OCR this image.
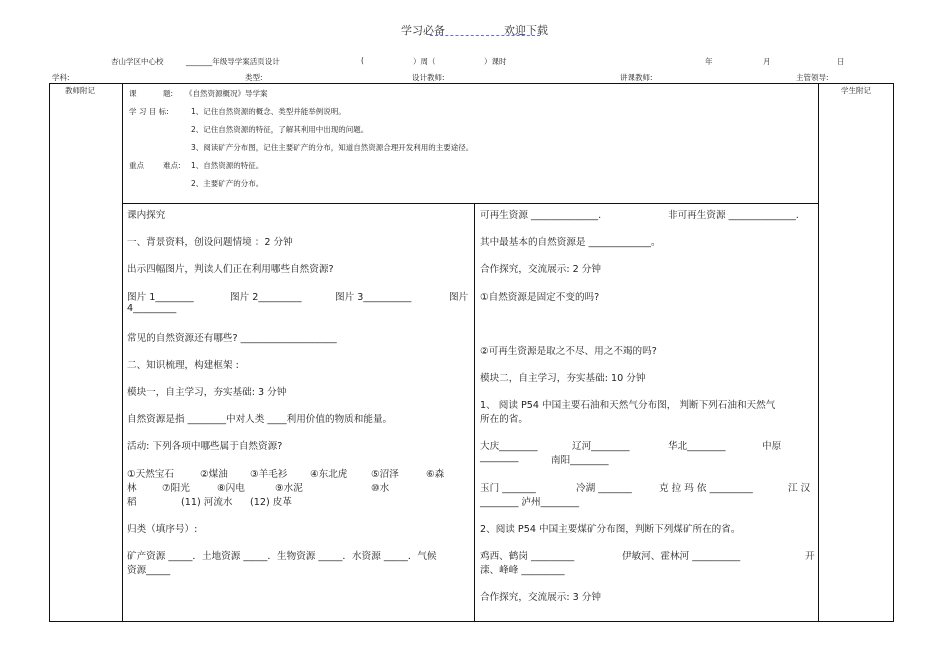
学习必备	欢迎下载
杏山学区中心校	_______年级导学案活页设计	(	）周（	）课时	年	月	日
学科:	类型:	设计教师:	讲课教师:	主管领导:
教师附记	学生附记
课	题: 《自然资源概况》导学案
学 习 目 标:	1、记住自然资源的概念、类型并能举例说明。
2、记住自然资源的特征，了解其利用中出现的问题。
3、阅读矿产分布图，记住主要矿产的分布，知道自然资源合理开发利用的主要途径。
重点	难点: 1、自然资源的特征。
2、主要矿产的分布。
课内探究
一、背景资料，创设问题情境 ：2 分钟
出示四幅图片，判读人们正在利用哪些自然资源?
图片 1________	图片 2_________	图片 3__________	图片
4_________
常见的自然资源还有哪些? ____________________
二、知识梳理，构建框架 :
模块一，自主学习，夯实基础: 3 分钟
自然资源是指 ________中对人类 ____利用价值的物质和能量。
活动: 下列各项中哪些属于自然资源?
①天然宝石	②煤油 ③羊毛衫 ④东北虎 ⑤沼泽	⑥森
林	⑦阳光	⑧闪电	⑨水泥	⑩水
稻	(11) 河流水 (12) 皮革
归类（填序号）:
矿产资源 _____．土地资源 _____．生物资源 _____．水资源 _____．气候
资源_____
可再生资源 ______________.	非可再生资源 ______________.
其中最基本的自然资源是 _____________。
合作探究，交流展示: 2 分钟
①自然资源是固定不变的吗?
②可再生资源是取之不尽、用之不竭的吗?
模块二，自主学习，夯实基础: 10 分钟
1、 阅读 P54 中国主要石油和天然气分布图， 判断下列石油和天然气
所在的省。
大庆________	辽河________	华北________	中原
________	南阳________
玉门 _______	冷湖 _______	克 拉 玛 依 _________	江 汉
________ 泸州________
2、阅读 P54 中国主要煤矿分布图，判断下列煤矿所在的省。
鸡西、鹤岗 _________	伊敏河、霍林河 __________	开
滦、峰峰 _________
合作探究，交流展示: 3 分钟
